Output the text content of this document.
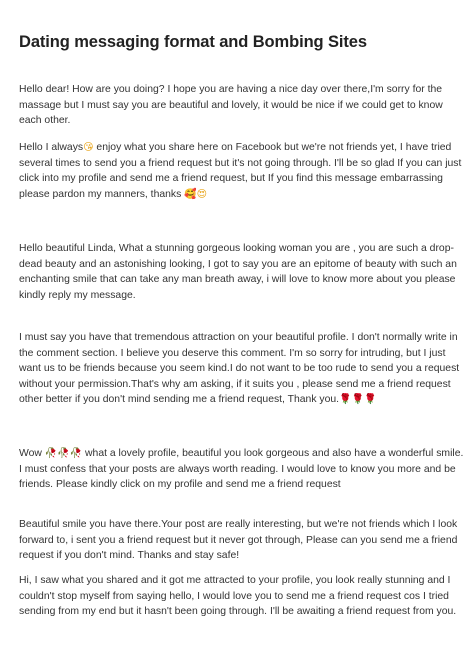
Dating messaging format and Bombing Sites

Hello dear! How are you doing? I hope you are having a nice day over there,I'm sorry for the
massage but I must say you are beautiful and lovely, it would be nice if we could get to know
each other.

Hello I always😘 enjoy what you share here on Facebook but we're not friends yet, I have tried
several times to send you a friend request but it's not going through. I'll be so glad If you can just
click into my profile and send me a friend request, but If you find this message embarrassing
please pardon my manners, thanks 🥰😍

Hello beautiful Linda, What a stunning gorgeous looking woman you are , you are such a drop-
dead beauty and an astonishing looking, I got to say you are an epitome of beauty with such an
enchanting smile that can take any man breath away, i will love to know more about you please
kindly reply my message.

I must say you have that tremendous attraction on your beautiful profile. I don't normally write in
the comment section. I believe you deserve this comment. I'm so sorry for intruding, but I just
want us to be friends because you seem kind.I do not want to be too rude to send you a request
without your permission.That's why am asking, if it suits you , please send me a friend request
other better if you don't mind sending me a friend request, Thank you.🌹🌹🌹

Wow 🥀🥀🥀 what a lovely profile, beautiful you look gorgeous and also have a wonderful smile.
I must confess that your posts are always worth reading. I would love to know you more and be
friends. Please kindly click on my profile and send me a friend request

Beautiful smile you have there.Your post are really interesting, but we're not friends which I look
forward to, i sent you a friend request but it never got through, Please can you send me a friend
request if you don't mind. Thanks and stay safe!

Hi, I saw what you shared and it got me attracted to your profile, you look really stunning and I
couldn't stop myself from saying hello, I would love you to send me a friend request cos I tried
sending from my end but it hasn't been going through. I'll be awaiting a friend request from you.
